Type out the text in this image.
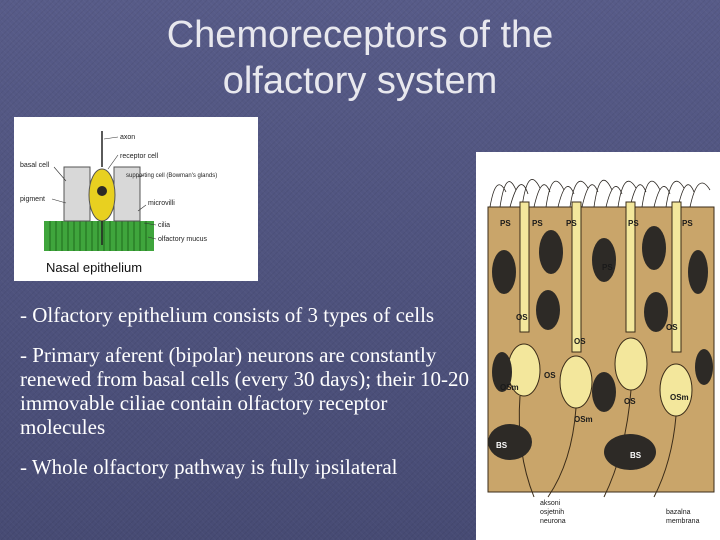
Chemoreceptors of the
olfactory system
axon
receptor cell
basal cell
supporting cell (Bowman's glands)
pigment
microvilli
cilia
olfactory mucus
Nasal epithelium
PS	PS	PS	PS	PS
PS
OS
OS
OS
OS
OS
OSm
OSm
OSm
BS
BS
aksoni
osjetnih
neurona
bazalna
membrana

- Olfactory epithelium consists of 3 types of cells

- Primary aferent (bipolar) neurons are constantly renewed from basal cells (every 30 days); their 10-20 immovable ciliae contain olfactory receptor molecules

- Whole olfactory pathway is fully ipsilateral
